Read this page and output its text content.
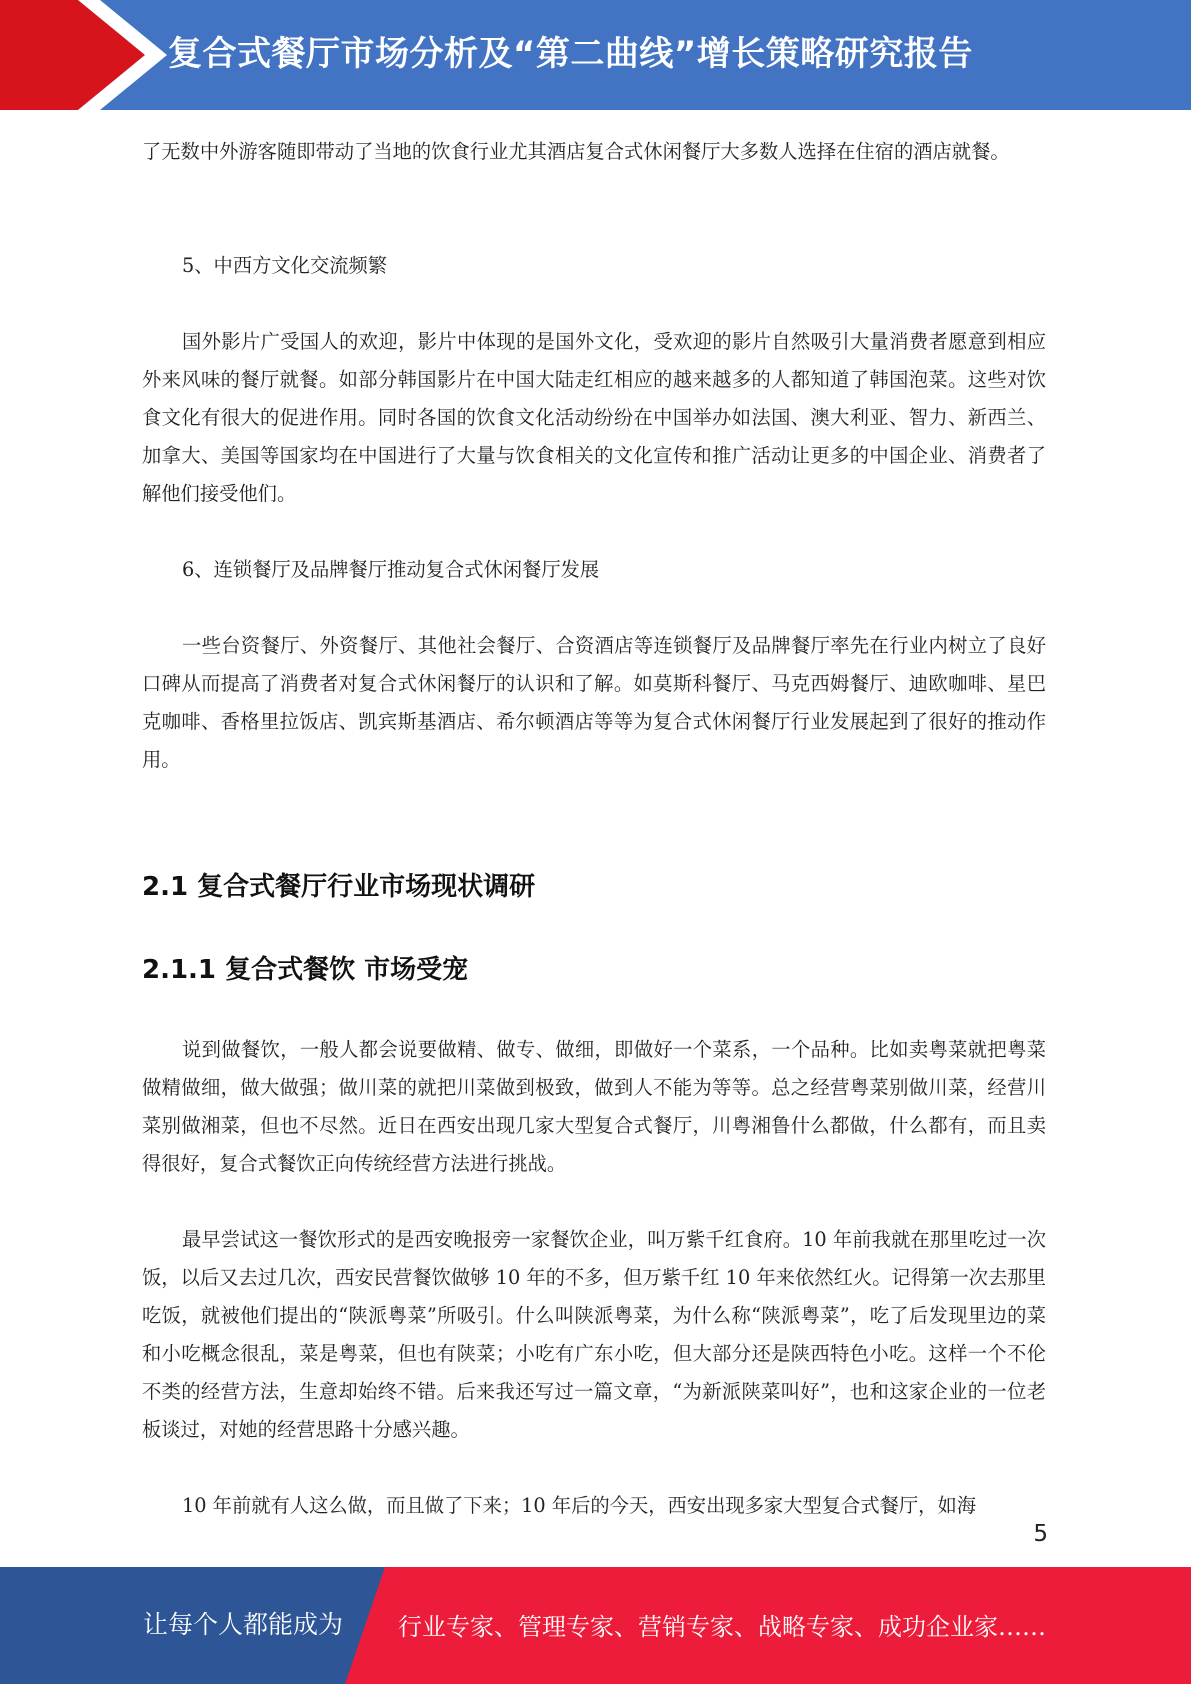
复合式餐厅市场分析及“第二曲线”增长策略研究报告

了无数中外游客随即带动了当地的饮食行业尤其酒店复合式休闲餐厅大多数人选择在住宿的酒店就餐。

5、中西方文化交流频繁

国外影片广受国人的欢迎，影片中体现的是国外文化，受欢迎的影片自然吸引大量消费者愿意到相应外来风味的餐厅就餐。如部分韩国影片在中国大陆走红相应的越来越多的人都知道了韩国泡菜。这些对饮食文化有很大的促进作用。同时各国的饮食文化活动纷纷在中国举办如法国、澳大利亚、智力、新西兰、加拿大、美国等国家均在中国进行了大量与饮食相关的文化宣传和推广活动让更多的中国企业、消费者了解他们接受他们。

6、连锁餐厅及品牌餐厅推动复合式休闲餐厅发展

一些台资餐厅、外资餐厅、其他社会餐厅、合资酒店等连锁餐厅及品牌餐厅率先在行业内树立了良好口碑从而提高了消费者对复合式休闲餐厅的认识和了解。如莫斯科餐厅、马克西姆餐厅、迪欧咖啡、星巴克咖啡、香格里拉饭店、凯宾斯基酒店、希尔顿酒店等等为复合式休闲餐厅行业发展起到了很好的推动作用。

2.1 复合式餐厅行业市场现状调研
2.1.1 复合式餐饮 市场受宠

说到做餐饮，一般人都会说要做精、做专、做细，即做好一个菜系，一个品种。比如卖粤菜就把粤菜做精做细，做大做强；做川菜的就把川菜做到极致，做到人不能为等等。总之经营粤菜别做川菜，经营川菜别做湘菜，但也不尽然。近日在西安出现几家大型复合式餐厅，川粤湘鲁什么都做，什么都有，而且卖得很好，复合式餐饮正向传统经营方法进行挑战。

最早尝试这一餐饮形式的是西安晚报旁一家餐饮企业，叫万紫千红食府。10 年前我就在那里吃过一次饭，以后又去过几次，西安民营餐饮做够 10 年的不多，但万紫千红 10 年来依然红火。记得第一次去那里吃饭，就被他们提出的“陕派粤菜”所吸引。什么叫陕派粤菜，为什么称“陕派粤菜”，吃了后发现里边的菜和小吃概念很乱，菜是粤菜，但也有陕菜；小吃有广东小吃，但大部分还是陕西特色小吃。这样一个不伦不类的经营方法，生意却始终不错。后来我还写过一篇文章，“为新派陕菜叫好”，也和这家企业的一位老板谈过，对她的经营思路十分感兴趣。

10 年前就有人这么做，而且做了下来；10 年后的今天，西安出现多家大型复合式餐厅，如海

5
让每个人都能成为 行业专家、管理专家、营销专家、战略专家、成功企业家……
